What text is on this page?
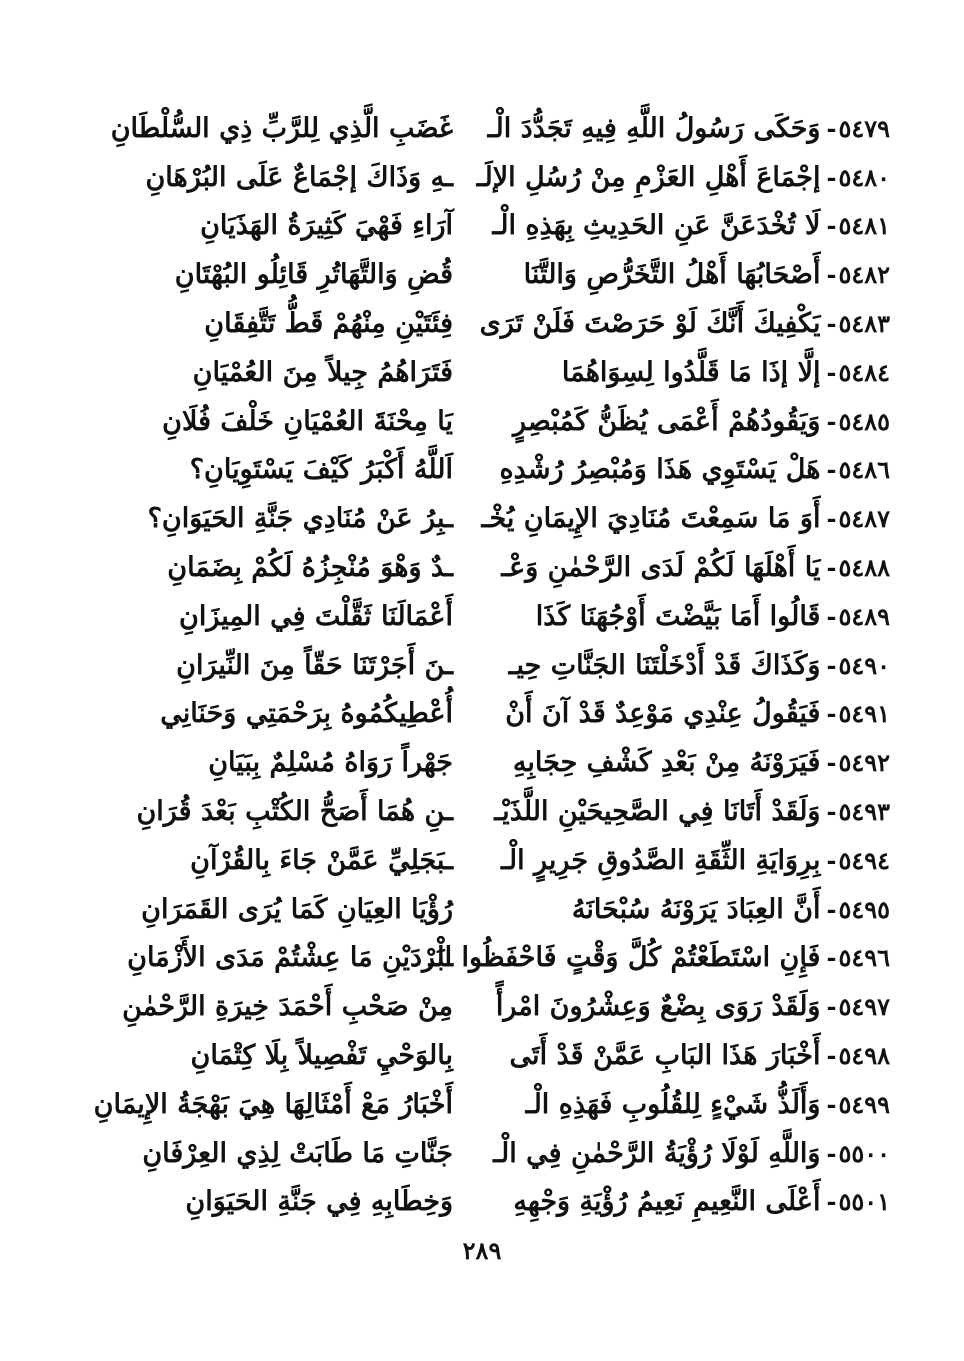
٥٤٧٩
-
وَحَكَى رَسُولُ اللَّهِ فِيهِ تَجَدُّدَ الْـ
غَضَبِ الَّذِي لِلرَّبِّ ذِي السُّلْطَانِ
٥٤٨٠
-
إجْمَاعَ أَهْلِ العَزْمِ مِنْ رُسُلِ الإلَـ
ـهِ وَذَاكَ إجْمَاعٌ عَلَى البُرْهَانِ
٥٤٨١
-
لَا تُخْدَعَنَّ عَنِ الحَدِيثِ بِهَذِهِ الْـ
آرَاءِ فَهْيَ كَثِيرَةُ الهَذَيَانِ
٥٤٨٢
-
أَصْحَابُهَا أَهْلُ التَّخَرُّصِ وَالتَّنَا
قُضِ وَالتَّهَاتُرِ قَائِلُو البُهْتَانِ
٥٤٨٣
-
يَكْفِيكَ أَنَّكَ لَوْ حَرَصْتَ فَلَنْ تَرَى
فِئَتَيْنِ مِنْهُمْ قَطُّ تَتَّفِقَانِ
٥٤٨٤
-
إلَّا إذَا مَا قَلَّدُوا لِسِوَاهُمَا
فَتَرَاهُمُ جِيلاً مِنَ العُمْيَانِ
٥٤٨٥
-
وَيَقُودُهُمْ أَعْمَى يُظَنُّ كَمُبْصِرٍ
يَا مِحْنَةَ العُمْيَانِ خَلْفَ فُلَانِ
٥٤٨٦
-
هَلْ يَسْتَوِي هَذَا وَمُبْصِرُ رُشْدِهِ
اَللَّهُ أَكْبَرُ كَيْفَ يَسْتَوِيَانِ؟
٥٤٨٧
-
أَوَ مَا سَمِعْتَ مُنَادِيَ الإِيمَانِ يُخْـ
ـبِرُ عَنْ مُنَادِي جَنَّةِ الحَيَوَانِ؟
٥٤٨٨
-
يَا أَهْلَهَا لَكُمْ لَدَى الرَّحْمٰنِ وَعْـ
ـدٌ وَهْوَ مُنْجِزُهُ لَكُمْ بِضَمَانِ
٥٤٨٩
-
قَالُوا أَمَا بَيَّضْتَ أَوْجُهَنَا كَذَا
أَعْمَالَنَا ثَقَّلْتَ فِي المِيزَانِ
٥٤٩٠
-
وَكَذَاكَ قَدْ أَدْخَلْتَنَا الجَنَّاتِ حِيـ
ـنَ أَجَرْتَنَا حَقّاً مِنَ النِّيرَانِ
٥٤٩١
-
فَيَقُولُ عِنْدِي مَوْعِدٌ قَدْ آنَ أَنْ
أُعْطِيكُمُوهُ بِرَحْمَتِي وَحَنَانِي
٥٤٩٢
-
فَيَرَوْنَهُ مِنْ بَعْدِ كَشْفِ حِجَابِهِ
جَهْراً رَوَاهُ مُسْلِمٌ بِبَيَانِ
٥٤٩٣
-
وَلَقَدْ أَتَانَا فِي الصَّحِيحَيْنِ اللَّذَيْـ
ـنِ هُمَا أَصَحُّ الكُتْبِ بَعْدَ قُرَانِ
٥٤٩٤
-
بِرِوَايَةِ الثِّقَةِ الصَّدُوقِ جَرِيرٍ الْـ
ـبَجَلِيِّ عَمَّنْ جَاءَ بِالقُرْآنِ
٥٤٩٥
-
أَنَّ العِبَادَ يَرَوْنَهُ سُبْحَانَهُ
رُؤْيَا العِيَانِ كَمَا يُرَى القَمَرَانِ
٥٤٩٦
-
فَإِنِ اسْتَطَعْتُمْ كُلَّ وَقْتٍ فَاحْفَظُوا الْـ
ـبَرْدَيْنِ مَا عِشْتُمْ مَدَى الأَزْمَانِ
٥٤٩٧
-
وَلَقَدْ رَوَى بِضْعٌ وَعِشْرُونَ امْرأً
مِنْ صَحْبِ أَحْمَدَ خِيرَةِ الرَّحْمٰنِ
٥٤٩٨
-
أَخْبَارَ هَذَا البَابِ عَمَّنْ قَدْ أَتَى
بِالوَحْيِ تَفْصِيلاً بِلَا كِتْمَانِ
٥٤٩٩
-
وَأَلَذُّ شَيْءٍ لِلقُلُوبِ فَهَذِهِ الْـ
أَخْبَارُ مَعْ أَمْثَالِهَا هِيَ بَهْجَةُ الإِيمَانِ
٥٥٠٠
-
وَاللَّهِ لَوْلَا رُؤْيَةُ الرَّحْمٰنِ فِي الْـ
جَنَّاتِ مَا طَابَتْ لِذِي العِرْفَانِ
٥٥٠١
-
أَعْلَى النَّعِيمِ نَعِيمُ رُؤْيَةِ وَجْهِهِ
وَخِطَابِهِ فِي جَنَّةِ الحَيَوَانِ
٢٨٩
